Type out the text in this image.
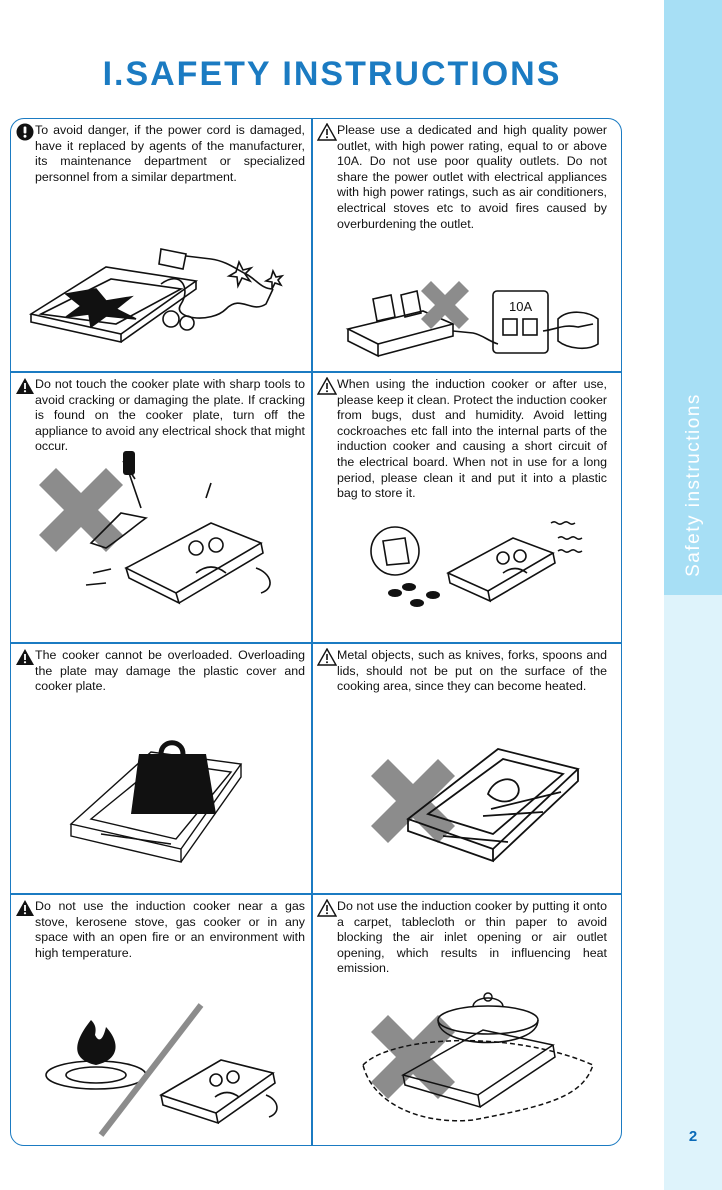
Safety instructions
2
I.SAFETY INSTRUCTIONS
To avoid danger, if the power cord is damaged, have it replaced by agents of the manufacturer, its maintenance department or specialized personnel from a similar department.
Please use a dedicated and high quality power outlet, with high power rating, equal to or above 10A. Do not use poor quality outlets. Do not share the power outlet with electrical appliances with high power ratings, such as air conditioners, electrical stoves etc to avoid fires caused by overburdening the outlet.
10A
Do not touch the cooker plate with sharp tools to avoid cracking or damaging the plate. If cracking is found on the cooker plate, turn off the appliance to avoid any electrical shock that might occur.
When using the induction cooker or after use, please keep it clean. Protect the induction cooker from bugs, dust and humidity. Avoid letting cockroaches etc fall into the internal parts of the induction cooker and causing a short circuit of the electrical board. When not in use for a long period, please clean it and put it into a plastic bag to store it.
The cooker cannot be overloaded. Overloading the plate may damage the plastic cover and cooker plate.
Metal objects, such as knives, forks, spoons and lids, should not be put on the surface of the cooking area, since they can become heated.
Do not use the induction cooker near a gas stove, kerosene stove, gas cooker or in any space with an open fire or an environment with high temperature.
Do not use the induction cooker by putting it onto a carpet, tablecloth or thin paper to avoid blocking the air inlet opening or air outlet opening, which results in influencing heat emission.
